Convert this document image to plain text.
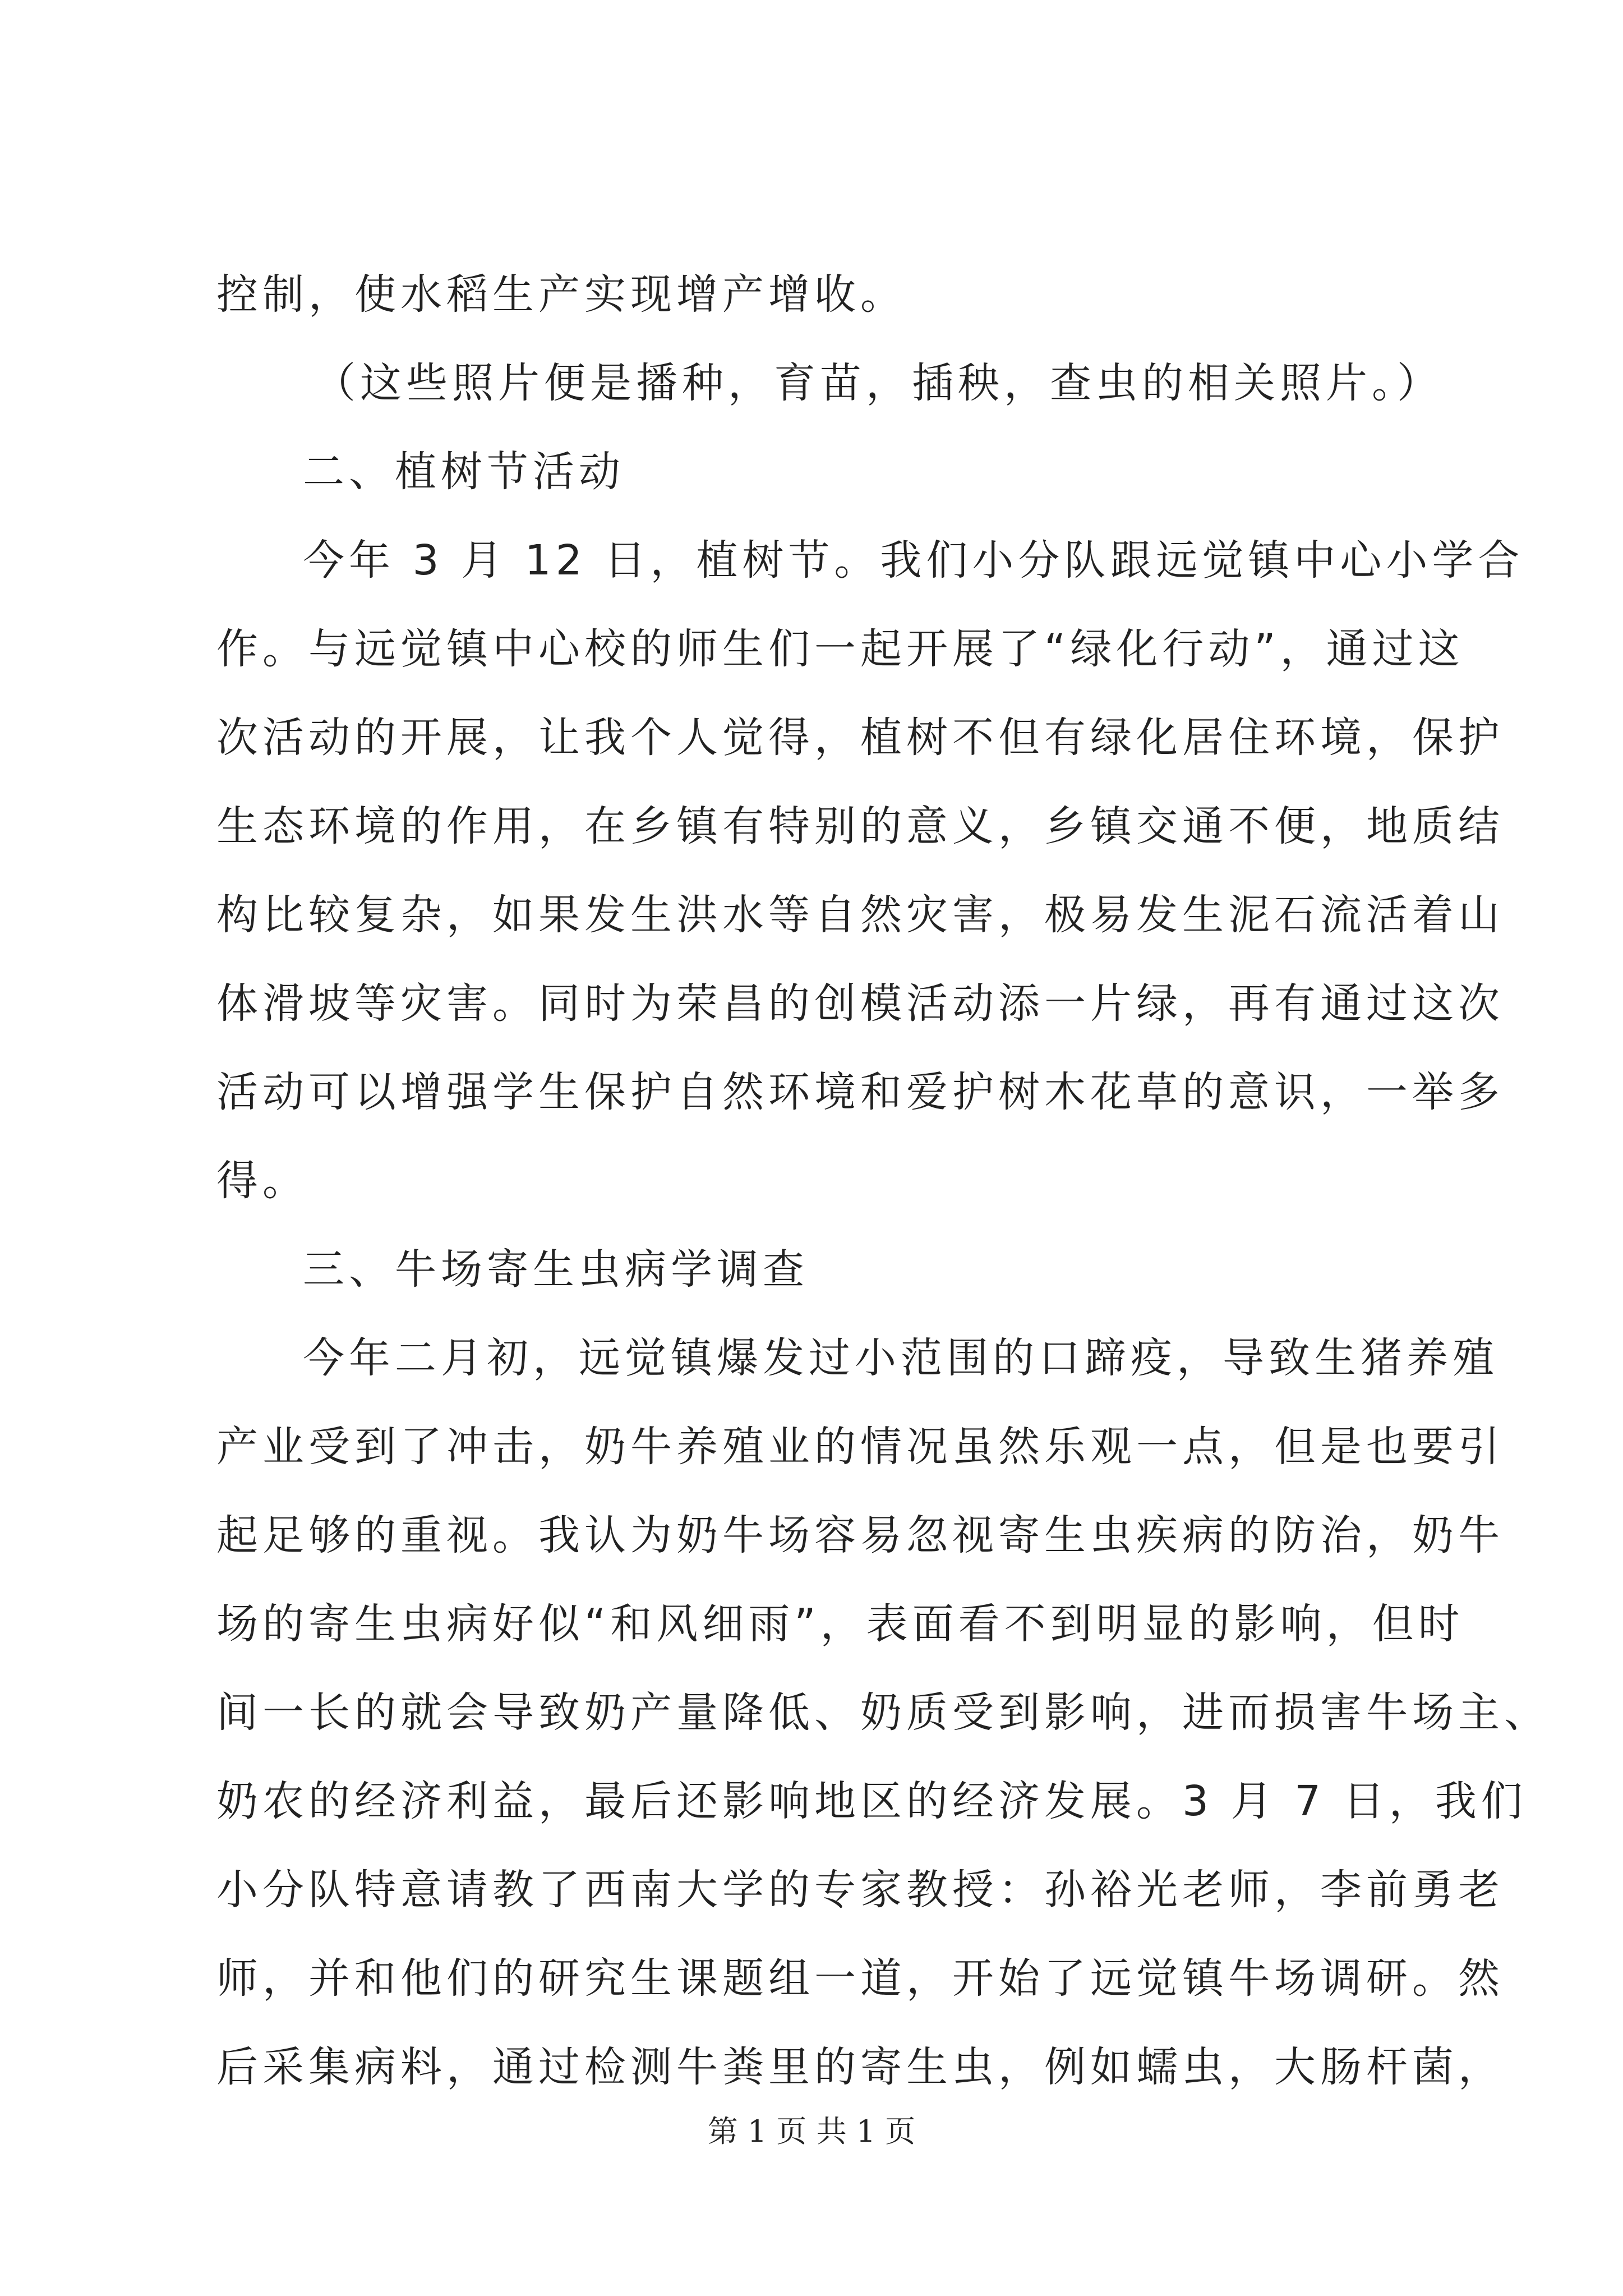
控制，使水稻生产实现增产增收。
（这些照片便是播种，育苗，插秧，查虫的相关照片。）
二、植树节活动
今年 3 月 12 日，植树节。我们小分队跟远觉镇中心小学合
作。与远觉镇中心校的师生们一起开展了“绿化行动”，通过这
次活动的开展，让我个人觉得，植树不但有绿化居住环境，保护
生态环境的作用，在乡镇有特别的意义，乡镇交通不便，地质结
构比较复杂，如果发生洪水等自然灾害，极易发生泥石流活着山
体滑坡等灾害。同时为荣昌的创模活动添一片绿，再有通过这次
活动可以增强学生保护自然环境和爱护树木花草的意识，一举多
得。
三、牛场寄生虫病学调查
今年二月初，远觉镇爆发过小范围的口蹄疫，导致生猪养殖
产业受到了冲击，奶牛养殖业的情况虽然乐观一点，但是也要引
起足够的重视。我认为奶牛场容易忽视寄生虫疾病的防治，奶牛
场的寄生虫病好似“和风细雨”，表面看不到明显的影响，但时
间一长的就会导致奶产量降低、奶质受到影响，进而损害牛场主、
奶农的经济利益，最后还影响地区的经济发展。3 月 7 日，我们
小分队特意请教了西南大学的专家教授：孙裕光老师，李前勇老
师，并和他们的研究生课题组一道，开始了远觉镇牛场调研。然
后采集病料，通过检测牛粪里的寄生虫，例如蠕虫，大肠杆菌，
第 1 页 共 1 页
